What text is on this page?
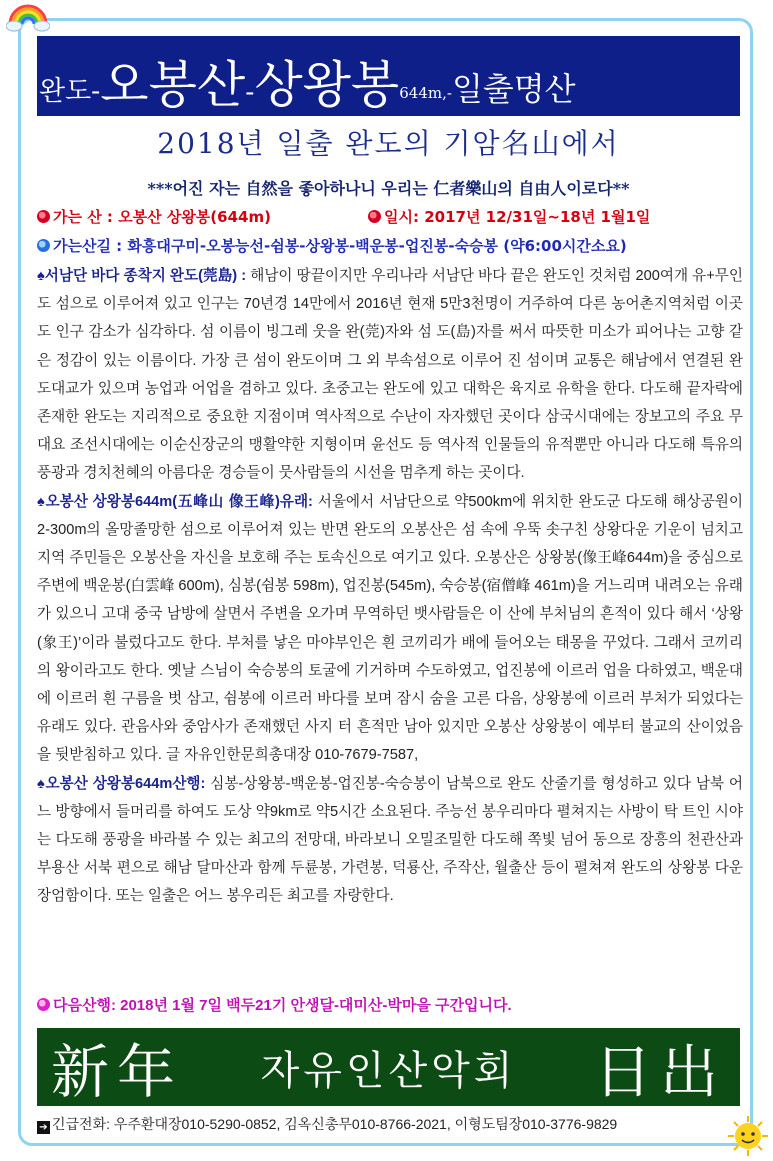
완도- 오봉산 - 상왕봉 644m,- 일출명산
2018년 일출 완도의 기암名山에서
***어진 자는 自然을 좋아하나니 우리는 仁者樂山의 自由人이로다**
가는 산 : 오봉산 상왕봉(644m)	일시: 2017년 12/31일~18년 1월1일
가는산길 : 화흥대구미-오봉능선-쉼봉-상왕봉-백운봉-업진봉-숙승봉 (약6:00시간소요)

♠서남단 바다 종착지 완도(莞島) : 해남이 땅끝이지만 우리나라 서남단 바다 끝은 완도인 것처럼 200여개 유+무인도 섬으로 이루어져 있고 인구는 70년경 14만에서 2016년 현재 5만3천명이 거주하여 다른 농어촌지역처럼 이곳도 인구 감소가 심각하다. 섬 이름이 빙그레 웃을 완(莞)자와 섬 도(島)자를 써서 따뜻한 미소가 피어나는 고향 같은 정감이 있는 이름이다. 가장 큰 섬이 완도이며 그 외 부속섬으로 이루어 진 섬이며 교통은 해남에서 연결된 완도대교가 있으며 농업과 어업을 겸하고 있다. 초중고는 완도에 있고 대학은 육지로 유학을 한다. 다도해 끝자락에 존재한 완도는 지리적으로 중요한 지점이며 역사적으로 수난이 자자했던 곳이다 삼국시대에는 장보고의 주요 무대요 조선시대에는 이순신장군의 맹활약한 지형이며 윤선도 등 역사적 인물들의 유적뿐만 아니라 다도해 특유의 풍광과 경치천혜의 아름다운 경승들이 뭇사람들의 시선을 멈추게 하는 곳이다.

♠오봉산 상왕봉644m(五峰山 像王峰)유래: 서울에서 서남단으로 약500km에 위치한 완도군 다도해 해상공원이 2-300m의 올망졸망한 섬으로 이루어져 있는 반면 완도의 오봉산은 섬 속에 우뚝 솟구친 상왕다운 기운이 넘치고 지역 주민들은 오봉산을 자신을 보호해 주는 토속신으로 여기고 있다. 오봉산은 상왕봉(像王峰644m)을 중심으로 주변에 백운봉(白雲峰 600m), 심봉(쉼봉 598m), 업진봉(545m), 숙승봉(宿僧峰 461m)을 거느리며 내려오는 유래가 있으니 고대 중국 남방에 살면서 주변을 오가며 무역하던 뱃사람들은 이 산에 부처님의 흔적이 있다 해서 ‘상왕(象王)’이라 불렀다고도 한다. 부처를 낳은 마야부인은 흰 코끼리가 배에 들어오는 태몽을 꾸었다. 그래서 코끼리의 왕이라고도 한다. 옛날 스님이 숙승봉의 토굴에 기거하며 수도하였고, 업진봉에 이르러 업을 다하였고, 백운대에 이르러 흰 구름을 벗 삼고, 쉼봉에 이르러 바다를 보며 잠시 숨을 고른 다음, 상왕봉에 이르러 부처가 되었다는 유래도 있다. 관음사와 중암사가 존재했던 사지 터 흔적만 남아 있지만 오봉산 상왕봉이 예부터 불교의 산이었음을 뒷받침하고 있다. 글 자유인한문희총대장 010-7679-7587,

♠오봉산 상왕봉644m산행: 심봉-상왕봉-백운봉-업진봉-숙승봉이 남북으로 완도 산줄기를 형성하고 있다 남북 어느 방향에서 들머리를 하여도 도상 약9km로 약5시간 소요된다. 주능선 봉우리마다 펼쳐지는 사방이 탁 트인 시야는 다도해 풍광을 바라볼 수 있는 최고의 전망대, 바라보니 오밀조밀한 다도해 쪽빛 넘어 동으로 장흥의 천관산과 부용산 서북 편으로 해남 달마산과 함께 두륜봉, 가련봉, 덕룡산, 주작산, 월출산 등이 펼쳐져 완도의 상왕봉 다운 장엄함이다. 또는 일출은 어느 봉우리든 최고를 자랑한다.

다음산행: 2018년 1월 7일 백두21기 안생달-대미산-박마을 구간입니다.
新年 자유인산악회 日出
➔ 긴급전화: 우주환대장010-5290-0852, 김옥신총무010-8766-2021, 이형도팀장010-3776-9829
